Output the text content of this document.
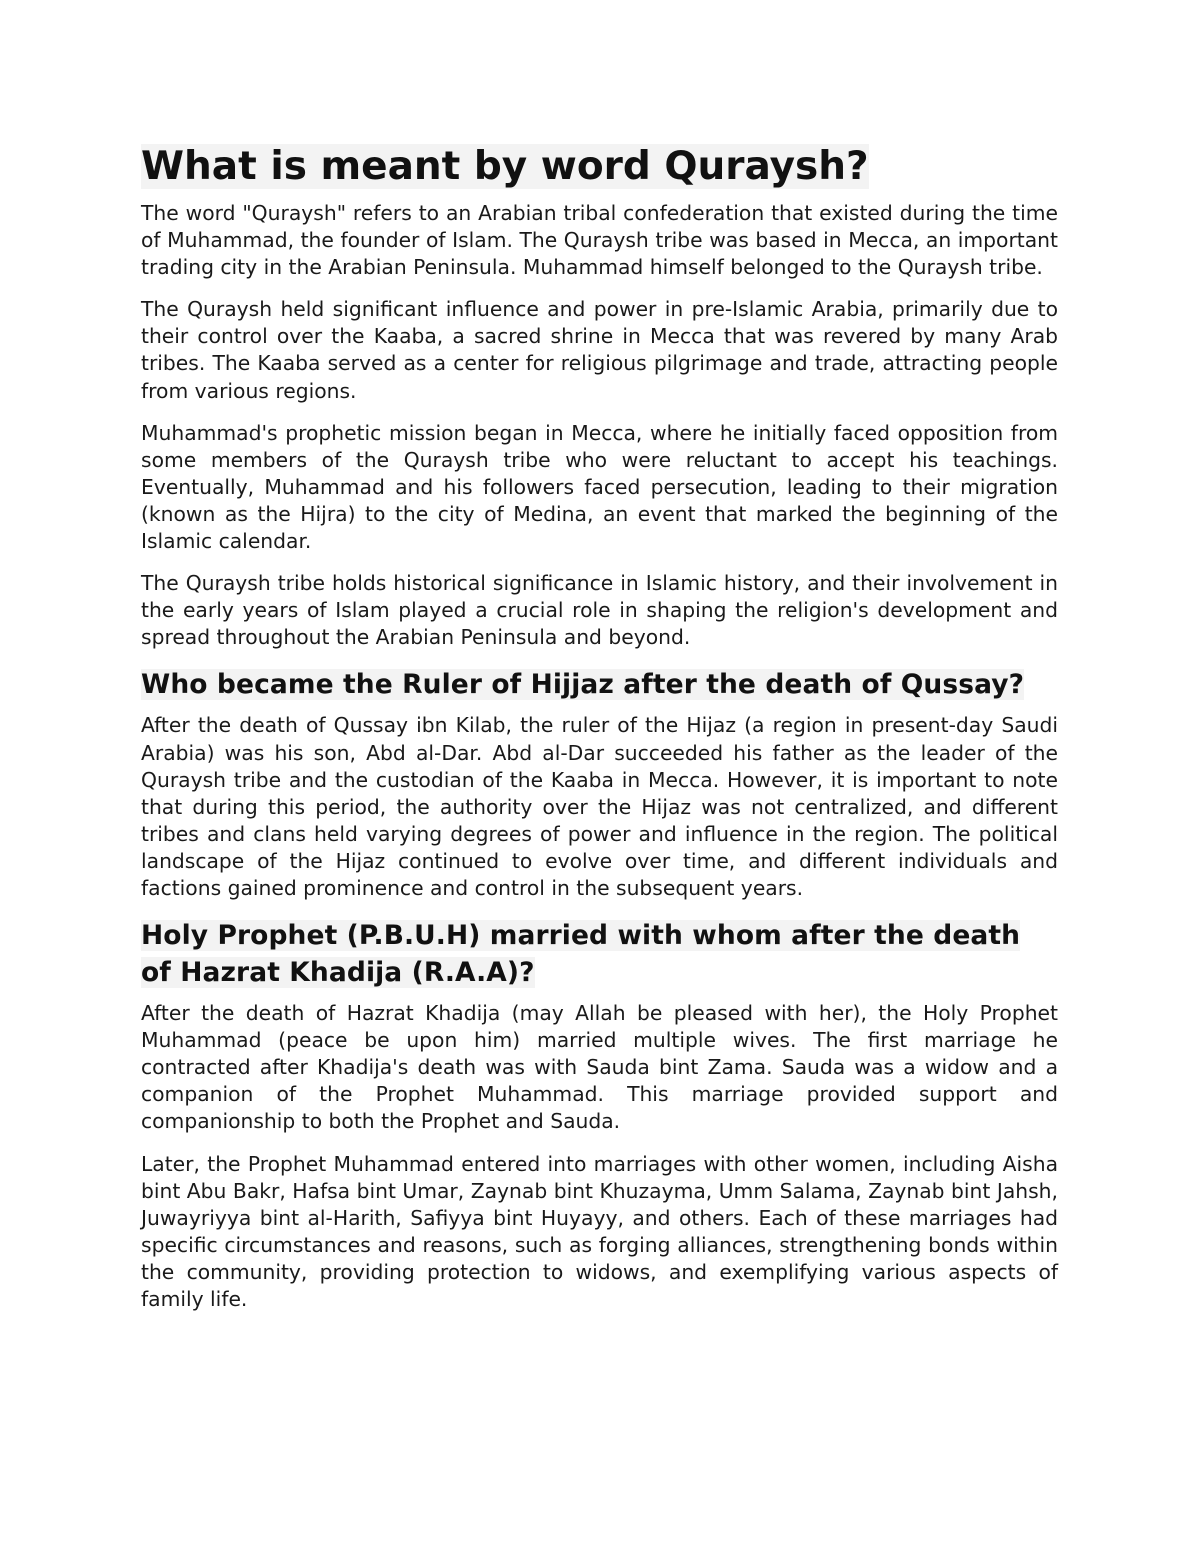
What is meant by word Quraysh?

The word "Quraysh" refers to an Arabian tribal confederation that existed during the time of Muhammad, the founder of Islam. The Quraysh tribe was based in Mecca, an important trading city in the Arabian Peninsula. Muhammad himself belonged to the Quraysh tribe.

The Quraysh held significant influence and power in pre-Islamic Arabia, primarily due to their control over the Kaaba, a sacred shrine in Mecca that was revered by many Arab tribes. The Kaaba served as a center for religious pilgrimage and trade, attracting people from various regions.

Muhammad's prophetic mission began in Mecca, where he initially faced opposition from some members of the Quraysh tribe who were reluctant to accept his teachings. Eventually, Muhammad and his followers faced persecution, leading to their migration (known as the Hijra) to the city of Medina, an event that marked the beginning of the Islamic calendar.

The Quraysh tribe holds historical significance in Islamic history, and their involvement in the early years of Islam played a crucial role in shaping the religion's development and spread throughout the Arabian Peninsula and beyond.

Who became the Ruler of Hijjaz after the death of Qussay?

After the death of Qussay ibn Kilab, the ruler of the Hijaz (a region in present-day Saudi Arabia) was his son, Abd al-Dar. Abd al-Dar succeeded his father as the leader of the Quraysh tribe and the custodian of the Kaaba in Mecca. However, it is important to note that during this period, the authority over the Hijaz was not centralized, and different tribes and clans held varying degrees of power and influence in the region. The political landscape of the Hijaz continued to evolve over time, and different individuals and factions gained prominence and control in the subsequent years.

Holy Prophet (P.B.U.H) married with whom after the death of Hazrat Khadija (R.A.A)?

After the death of Hazrat Khadija (may Allah be pleased with her), the Holy Prophet Muhammad (peace be upon him) married multiple wives. The first marriage he contracted after Khadija's death was with Sauda bint Zama. Sauda was a widow and a companion of the Prophet Muhammad. This marriage provided support and companionship to both the Prophet and Sauda.

Later, the Prophet Muhammad entered into marriages with other women, including Aisha bint Abu Bakr, Hafsa bint Umar, Zaynab bint Khuzayma, Umm Salama, Zaynab bint Jahsh, Juwayriyya bint al-Harith, Safiyya bint Huyayy, and others. Each of these marriages had specific circumstances and reasons, such as forging alliances, strengthening bonds within the community, providing protection to widows, and exemplifying various aspects of family life.
